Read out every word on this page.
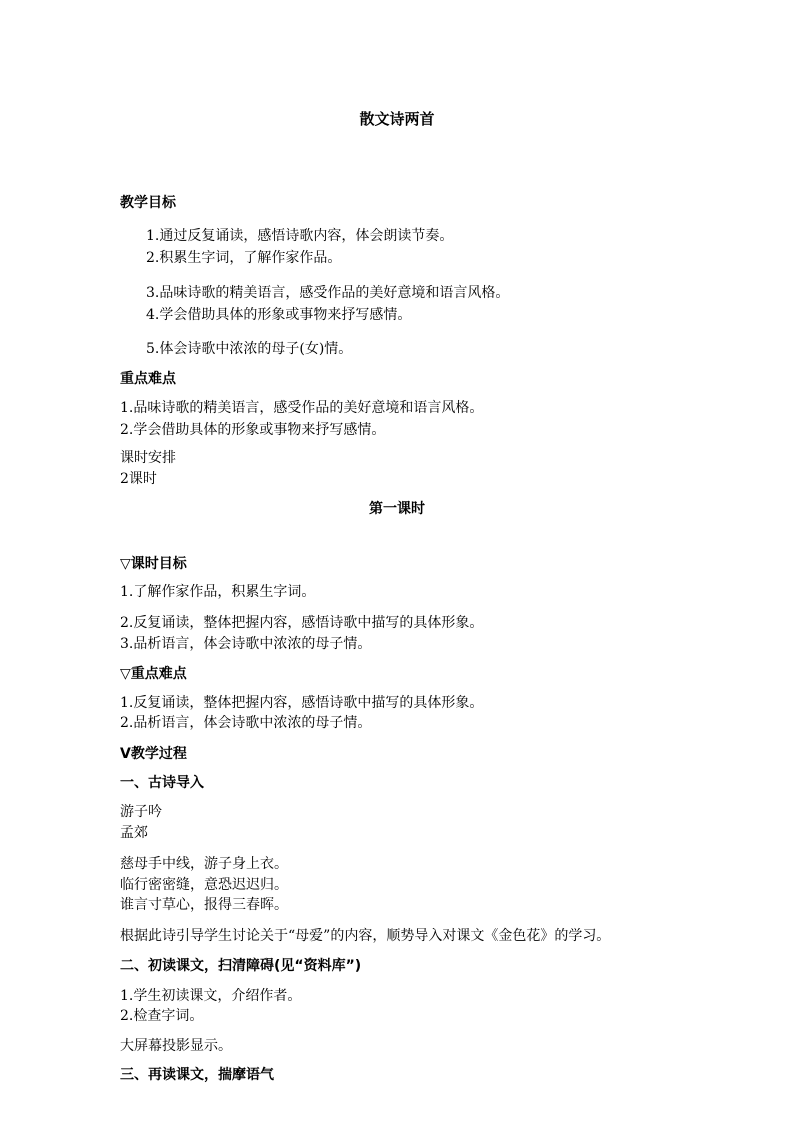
散文诗两首
教学目标
1.通过反复诵读，感悟诗歌内容，体会朗读节奏。
2.积累生字词，了解作家作品。
3.品味诗歌的精美语言，感受作品的美好意境和语言风格。
4.学会借助具体的形象或事物来抒写感情。
5.体会诗歌中浓浓的母子(女)情。
重点难点
1.品味诗歌的精美语言，感受作品的美好意境和语言风格。
2.学会借助具体的形象或事物来抒写感情。
课时安排
2课时
第一课时
▽课时目标
1.了解作家作品，积累生字词。
2.反复诵读，整体把握内容，感悟诗歌中描写的具体形象。
3.品析语言，体会诗歌中浓浓的母子情。
▽重点难点
1.反复诵读，整体把握内容，感悟诗歌中描写的具体形象。
2.品析语言，体会诗歌中浓浓的母子情。
V教学过程
一、古诗导入
游子吟
孟郊
慈母手中线，游子身上衣。
临行密密缝，意恐迟迟归。
谁言寸草心，报得三春晖。
根据此诗引导学生讨论关于“母爱”的内容，顺势导入对课文《金色花》的学习。
二、初读课文，扫清障碍(见“资料库”)
1.学生初读课文，介绍作者。
2.检查字词。
大屏幕投影显示。
三、再读课文，揣摩语气
